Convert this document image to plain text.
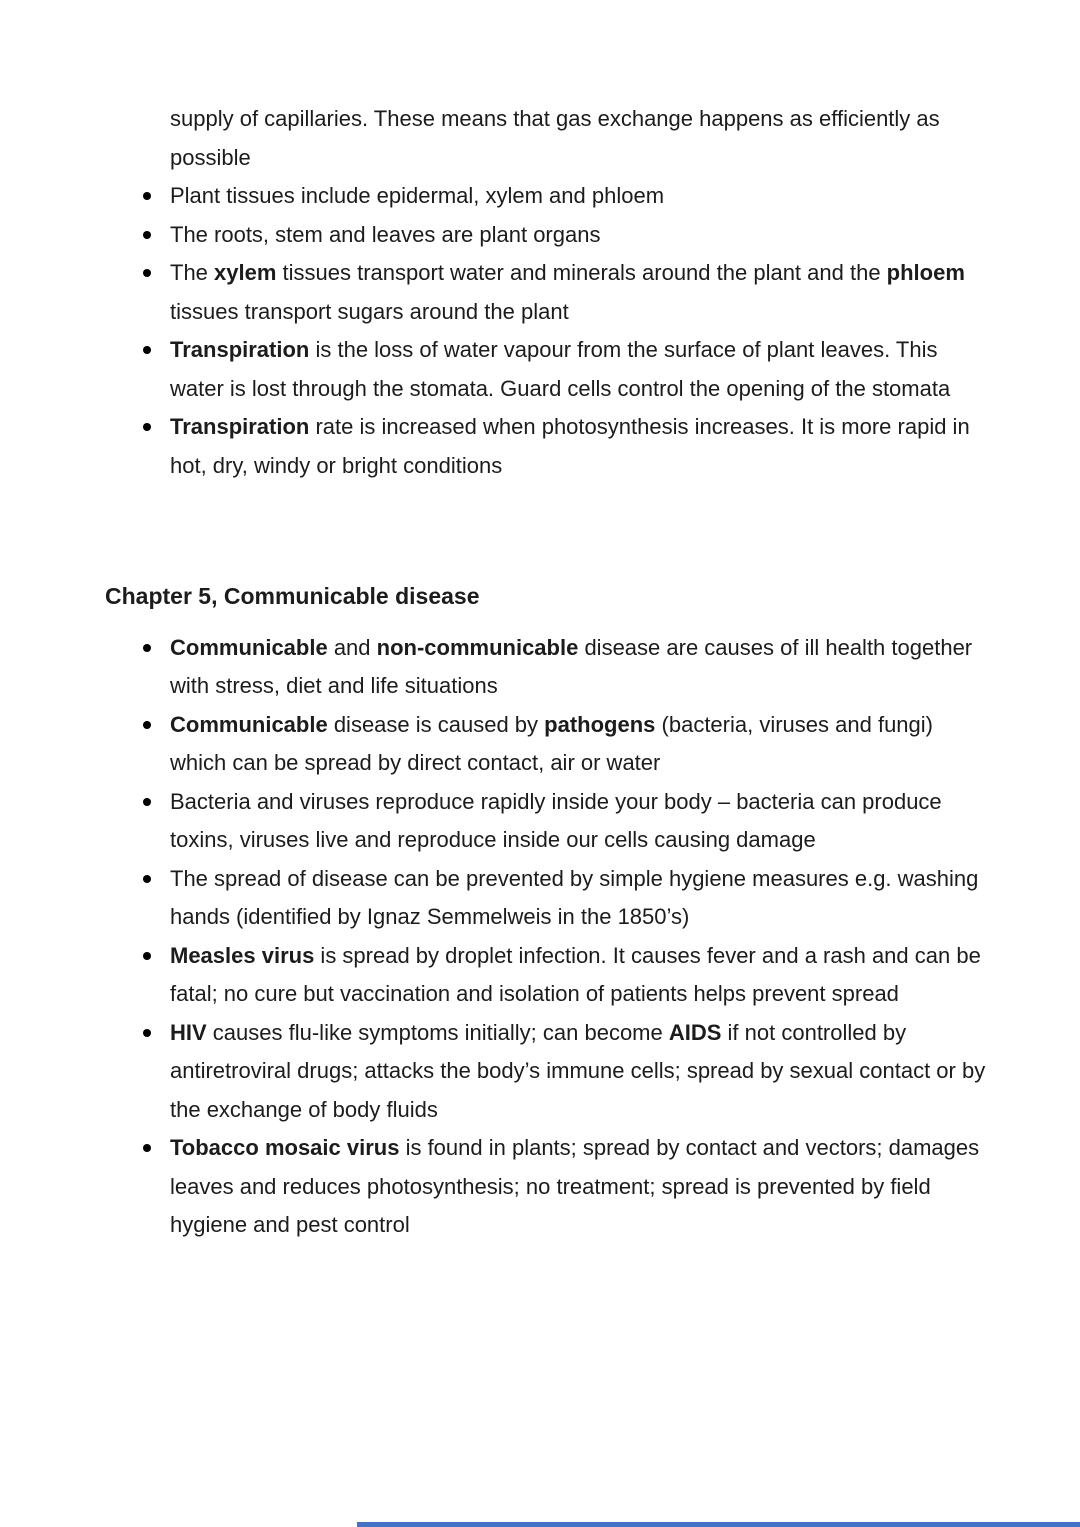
supply of capillaries. These means that gas exchange happens as efficiently as possible

Plant tissues include epidermal, xylem and phloem
The roots, stem and leaves are plant organs
The xylem tissues transport water and minerals around the plant and the phloem tissues transport sugars around the plant
Transpiration is the loss of water vapour from the surface of plant leaves. This water is lost through the stomata. Guard cells control the opening of the stomata
Transpiration rate is increased when photosynthesis increases. It is more rapid in hot, dry, windy or bright conditions
Chapter 5, Communicable disease
Communicable and non-communicable disease are causes of ill health together with stress, diet and life situations
Communicable disease is caused by pathogens (bacteria, viruses and fungi) which can be spread by direct contact, air or water
Bacteria and viruses reproduce rapidly inside your body – bacteria can produce toxins, viruses live and reproduce inside our cells causing damage
The spread of disease can be prevented by simple hygiene measures e.g. washing hands (identified by Ignaz Semmelweis in the 1850’s)
Measles virus is spread by droplet infection. It causes fever and a rash and can be fatal; no cure but vaccination and isolation of patients helps prevent spread
HIV causes flu-like symptoms initially; can become AIDS if not controlled by antiretroviral drugs; attacks the body’s immune cells; spread by sexual contact or by the exchange of body fluids
Tobacco mosaic virus is found in plants; spread by contact and vectors; damages leaves and reduces photosynthesis; no treatment; spread is prevented by field hygiene and pest control
